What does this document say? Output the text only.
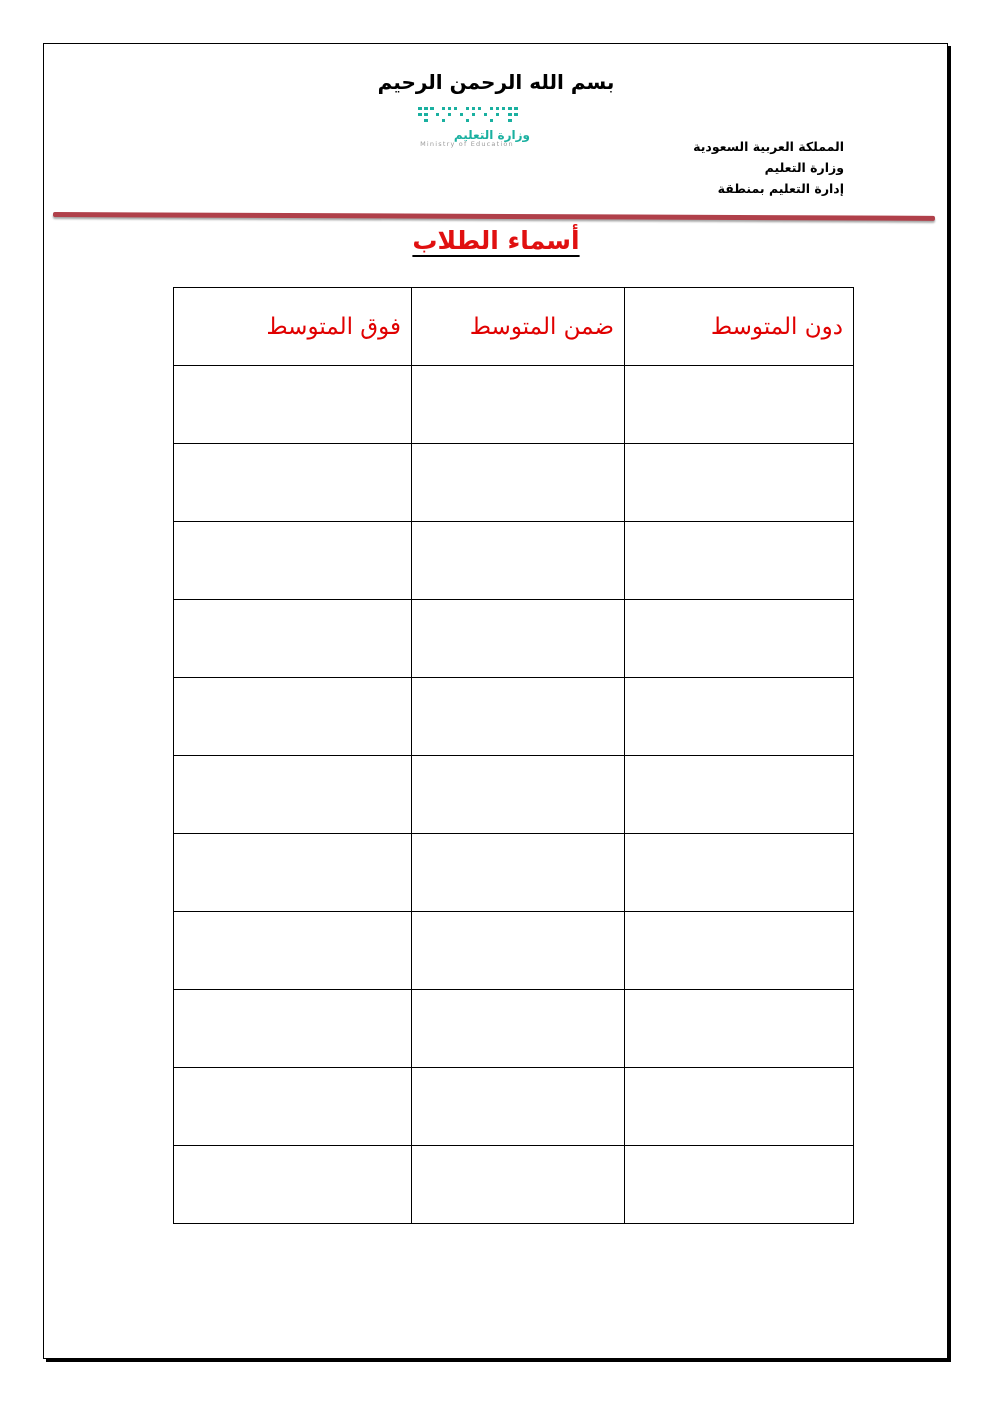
بسم الله الرحمن الرحيم
وزارة التعليم
Ministry of Education	المملكة العربية السعودية
وزارة التعليم
إدارة التعليم بمنطقة
أسماء الطلاب
دون المتوسط	ضمن المتوسط	فوق المتوسط
